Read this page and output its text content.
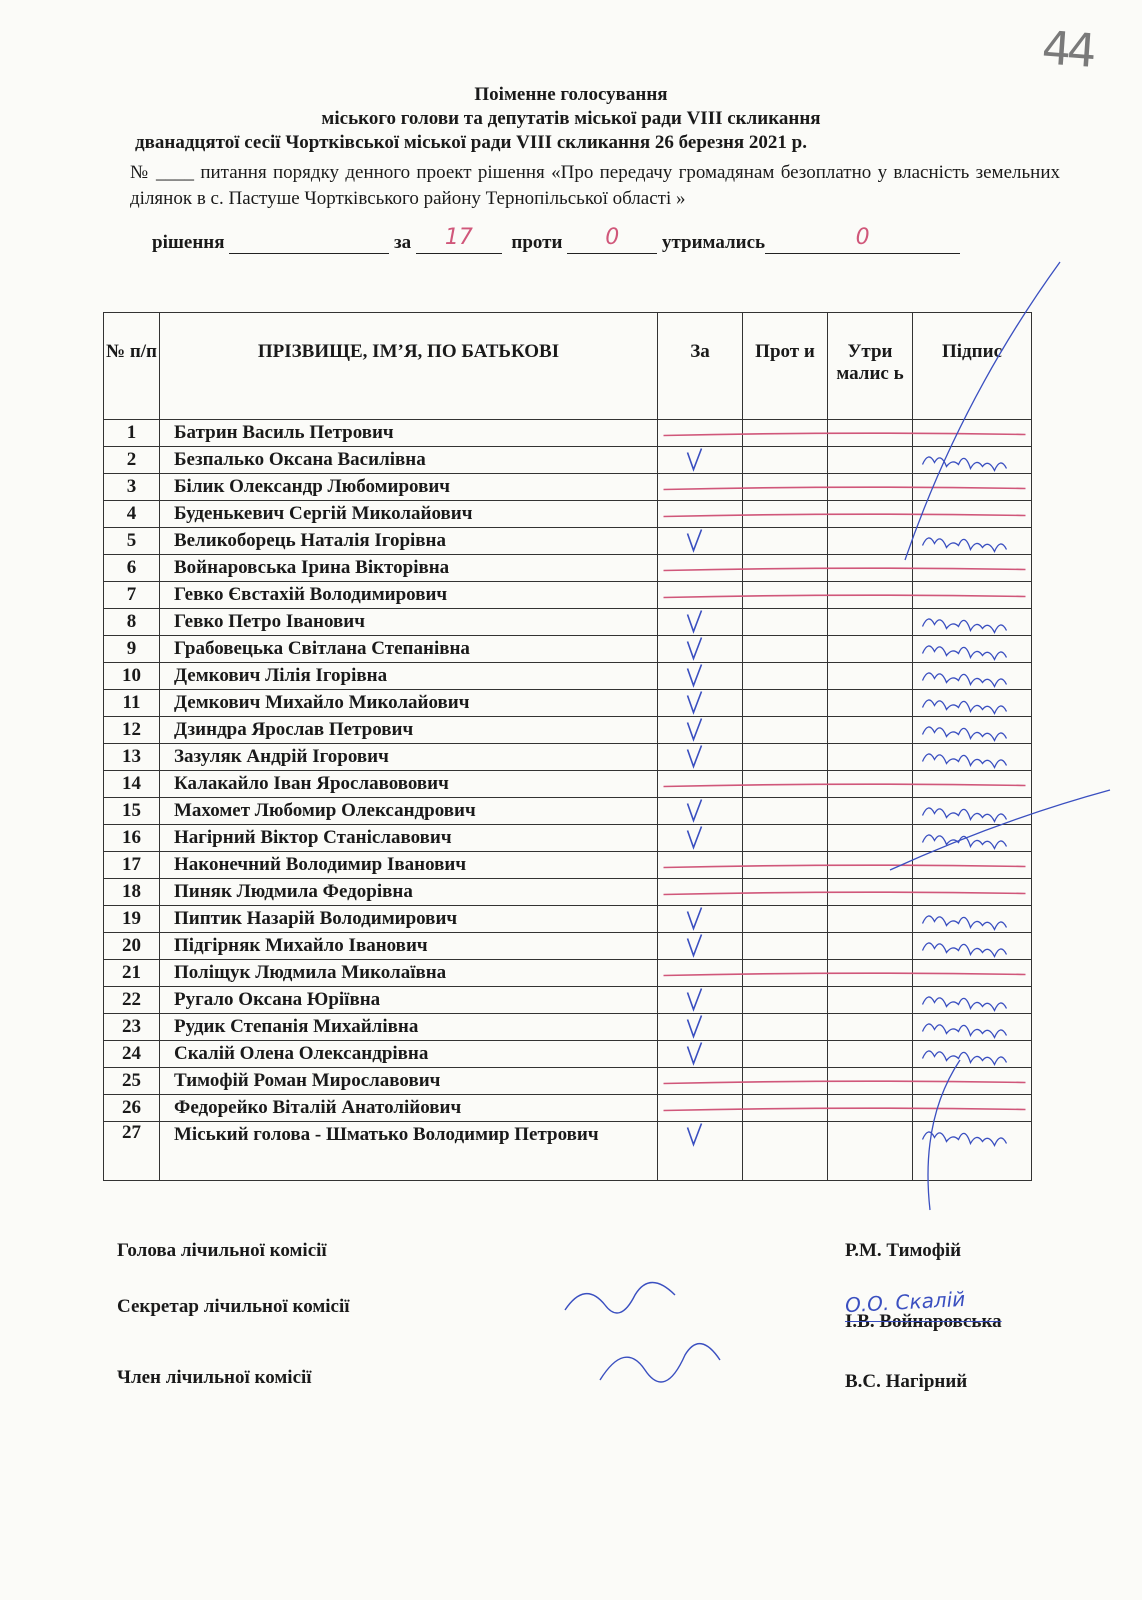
44
Поіменне голосування
міського голови та депутатів міської ради VIII скликання
дванадцятої сесії Чортківської міської ради VIII скликання 26 березня 2021 р.
№ ____ питання порядку денного проект рішення «Про передачу громадянам безоплатно у власність земельних ділянок в с. Пастуше Чортківського району Тернопільської області »
рішення	за	17	проти	0	утримались	0
№ п/п	ПРІЗВИЩЕ, ІМ’Я, ПО БАТЬКОВІ	За	Прот и	Утри малис ь	Підпис
1	Батрин Василь Петрович				
2	Безпалько Оксана Василівна				
3	Білик Олександр Любомирович				
4	Буденькевич Сергій Миколайович				
5	Великоборець Наталія Ігорівна				
6	Войнаровська Ірина Вікторівна				
7	Гевко Євстахій Володимирович				
8	Гевко Петро Іванович				
9	Грабовецька Світлана Степанівна				
10	Демкович Лілія Ігорівна				
11	Демкович Михайло Миколайович				
12	Дзиндра Ярослав Петрович				
13	Зазуляк Андрій Ігорович				
14	Калакайло Іван Ярославовович				
15	Махомет Любомир Олександрович				
16	Нагірний Віктор Станіславович				
17	Наконечний Володимир Іванович				
18	Пиняк Людмила Федорівна				
19	Пиптик Назарій Володимирович				
20	Підгірняк Михайло Іванович				
21	Поліщук Людмила Миколаївна				
22	Ругало Оксана Юріївна				
23	Рудик Степанія Михайлівна				
24	Скалій Олена Олександрівна				
25	Тимофій Роман Мирославович				
26	Федорейко Віталій Анатолійович				
27	Міський голова - Шматько Володимир Петрович				
Голова лічильної комісії	Р.М. Тимофій
Секретар лічильної комісії
І.В. Войнаровська
О.О. Скалій
Член лічильної комісії	В.С. Нагірний
